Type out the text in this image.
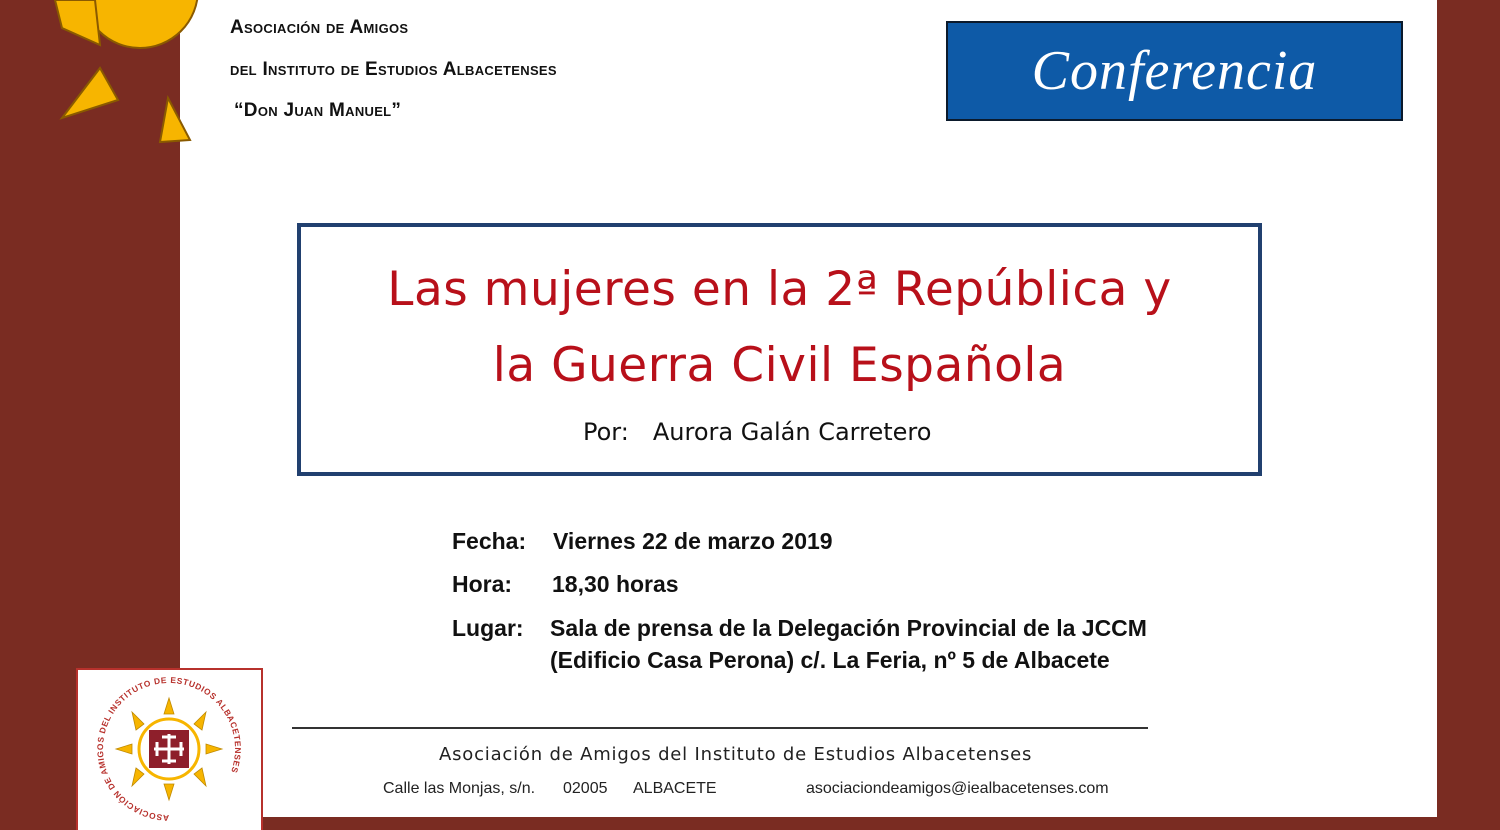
Asociación de Amigos
del Instituto de Estudios Albacetenses
“Don Juan Manuel”
Conferencia
Las mujeres en la 2ª República y
la Guerra Civil Española
Por: Aurora Galán Carretero
Fecha: Viernes 22 de marzo 2019
Hora: 18,30 horas
Lugar: Sala de prensa de la Delegación Provincial de la JCCM
(Edificio Casa Perona) c/. La Feria, nº 5 de Albacete
ASOCIACIÓN DE AMIGOS DEL INSTITUTO DE ESTUDIOS ALBACETENSES
Asociación de Amigos del Instituto de Estudios Albacetenses
Calle las Monjas, s/n. 02005 ALBACETE	asociaciondeamigos@iealbacetenses.com
